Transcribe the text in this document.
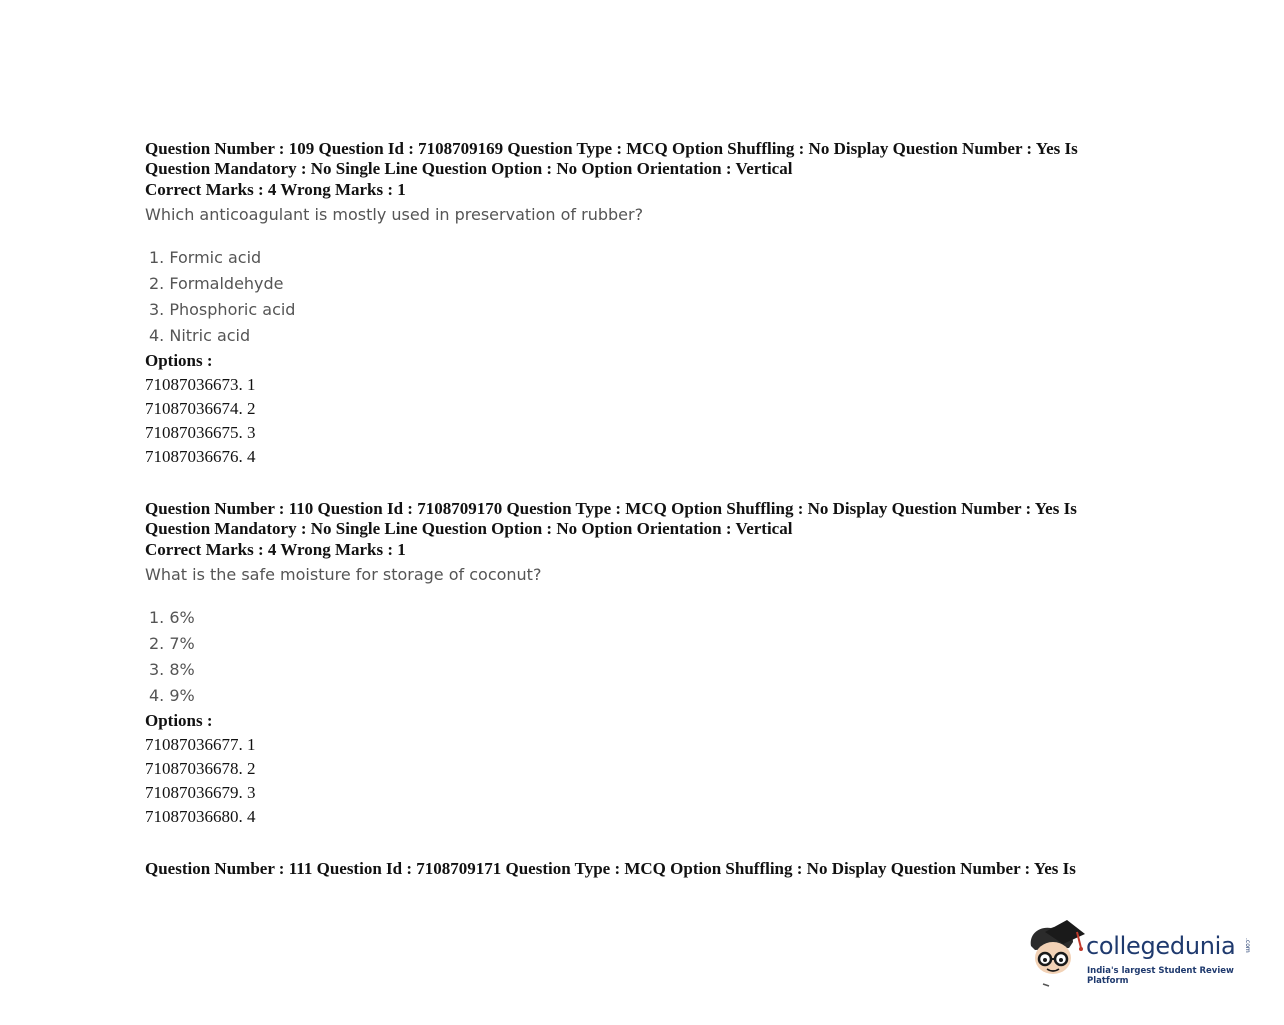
Question Number : 109 Question Id : 7108709169 Question Type : MCQ Option Shuffling : No Display Question Number : Yes Is
Question Mandatory : No Single Line Question Option : No Option Orientation : Vertical
Correct Marks : 4 Wrong Marks : 1
Which anticoagulant is mostly used in preservation of rubber?
1. Formic acid
2. Formaldehyde
3. Phosphoric acid
4. Nitric acid
Options :
71087036673. 1
71087036674. 2
71087036675. 3
71087036676. 4
Question Number : 110 Question Id : 7108709170 Question Type : MCQ Option Shuffling : No Display Question Number : Yes Is
Question Mandatory : No Single Line Question Option : No Option Orientation : Vertical
Correct Marks : 4 Wrong Marks : 1
What is the safe moisture for storage of coconut?
1. 6%
2. 7%
3. 8%
4. 9%
Options :
71087036677. 1
71087036678. 2
71087036679. 3
71087036680. 4
Question Number : 111 Question Id : 7108709171 Question Type : MCQ Option Shuffling : No Display Question Number : Yes Is
collegedunia .com
India's largest Student Review Platform
